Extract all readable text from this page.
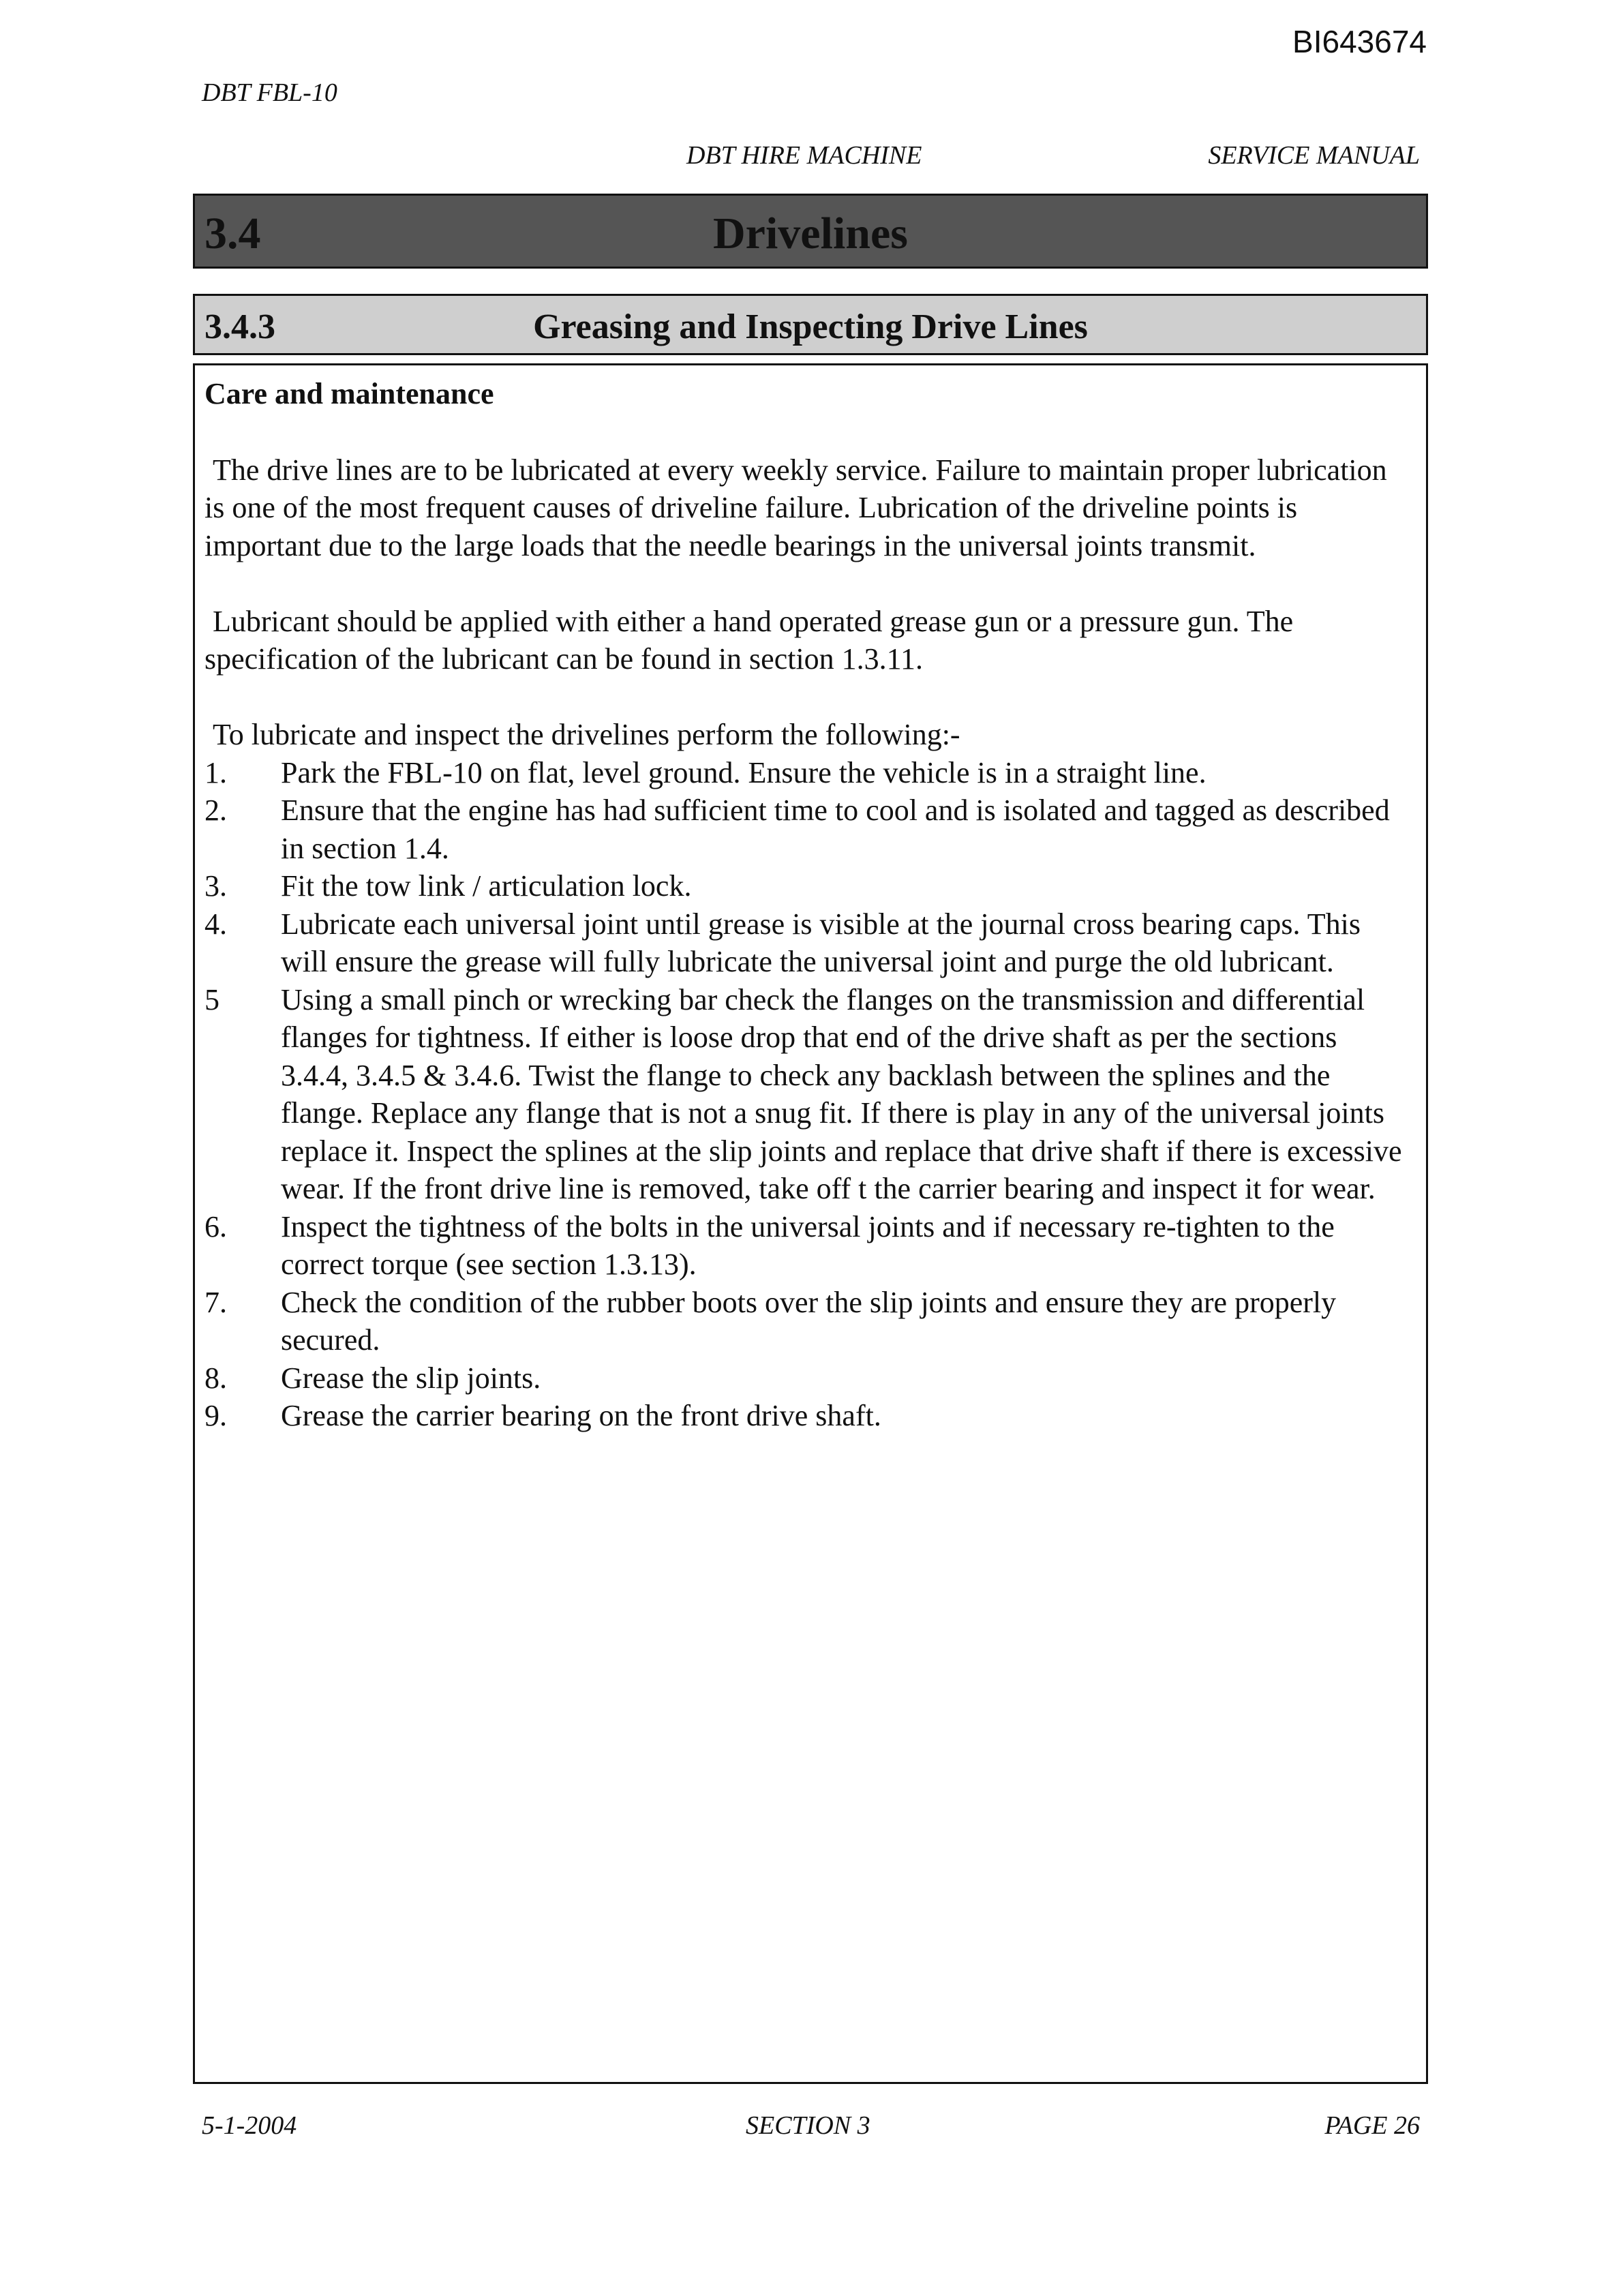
BI643674
DBT FBL-10
DBT HIRE MACHINE	SERVICE MANUAL
3.4	Drivelines
3.4.3	Greasing and Inspecting Drive Lines

Care and maintenance

The drive lines are to be lubricated at every weekly service. Failure to maintain proper lubrication is one of the most frequent causes of driveline failure. Lubrication of the driveline points is important due to the large loads that the needle bearings in the universal joints transmit.

Lubricant should be applied with either a hand operated grease gun or a pressure gun. The specification of the lubricant can be found in section 1.3.11.

To lubricate and inspect the drivelines perform the following:-

1.	Park the FBL-10 on flat, level ground. Ensure the vehicle is in a straight line.
2.	Ensure that the engine has had sufficient time to cool and is isolated and tagged as described in section 1.4.
3.	Fit the tow link / articulation lock.
4.	Lubricate each universal joint until grease is visible at the journal cross bearing caps. This will ensure the grease will fully lubricate the universal joint and purge the old lubricant.
5	Using a small pinch or wrecking bar check the flanges on the transmission and differential flanges for tightness. If either is loose drop that end of the drive shaft as per the sections 3.4.4, 3.4.5 & 3.4.6. Twist the flange to check any backlash between the splines and the flange. Replace any flange that is not a snug fit. If there is play in any of the universal joints replace it. Inspect the splines at the slip joints and replace that drive shaft if there is excessive wear. If the front drive line is removed, take off t the carrier bearing and inspect it for wear.
6.	Inspect the tightness of the bolts in the universal joints and if necessary re-tighten to the correct torque (see section 1.3.13).
7.	Check the condition of the rubber boots over the slip joints and ensure they are properly secured.
8.	Grease the slip joints.
9.	Grease the carrier bearing on the front drive shaft.
5-1-2004	SECTION 3	PAGE 26
